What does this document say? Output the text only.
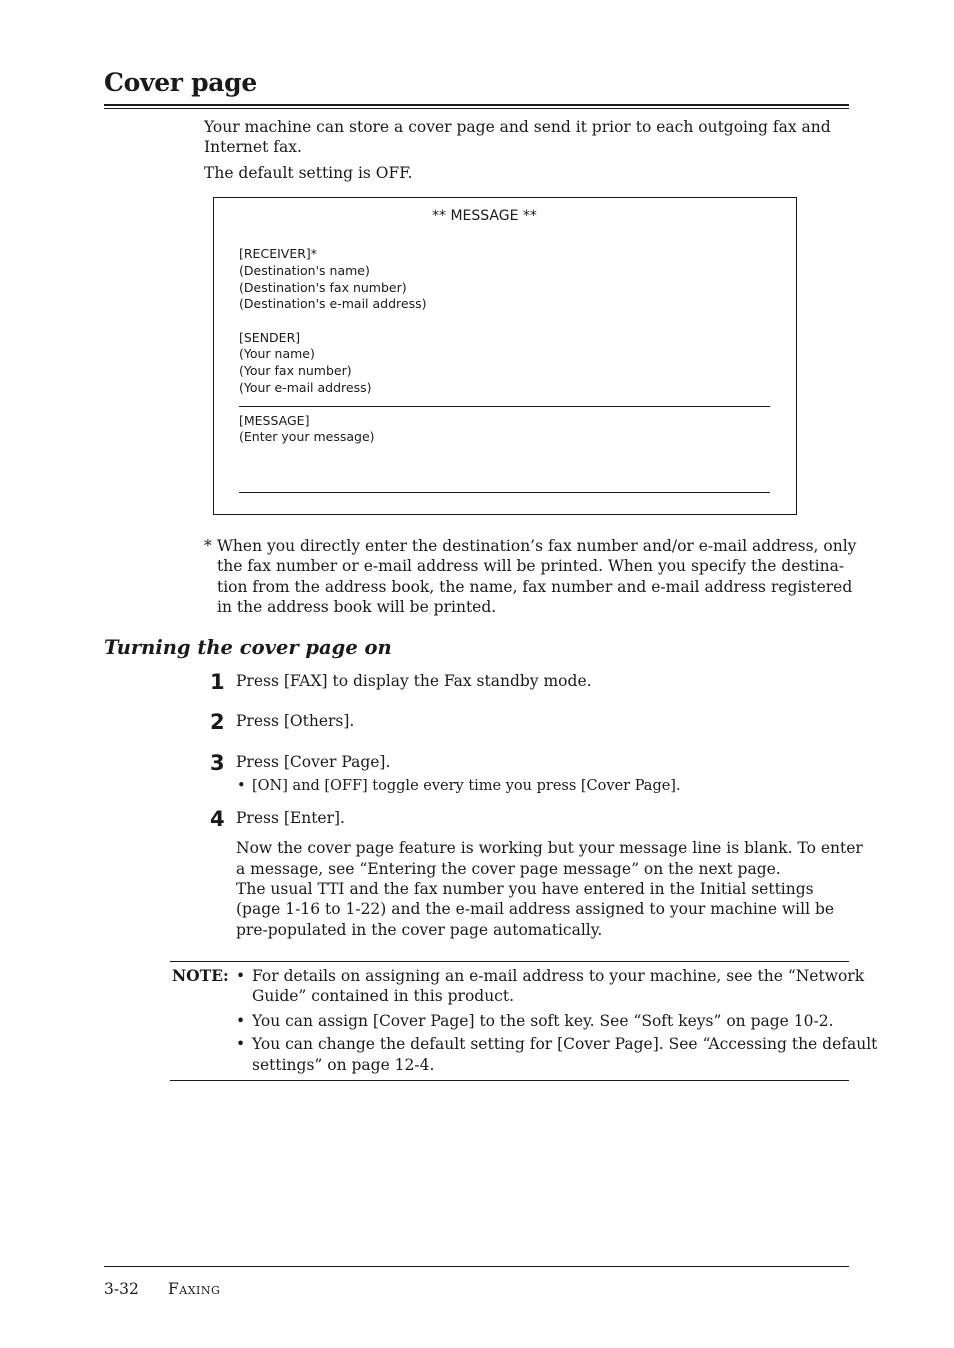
Cover page
Your machine can store a cover page and send it prior to each outgoing fax and
Internet fax.
The default setting is OFF.
** MESSAGE **
[RECEIVER]*
(Destination's name)
(Destination's fax number)
(Destination's e-mail address)
[SENDER]
(Your name)
(Your fax number)
(Your e-mail address)
[MESSAGE]
(Enter your message)
* When you directly enter the destination’s fax number and/or e-mail address, only
the fax number or e-mail address will be printed. When you specify the destina-
tion from the address book, the name, fax number and e-mail address registered
in the address book will be printed.
Turning the cover page on
1 Press [FAX] to display the Fax standby mode.
2 Press [Others].
3 Press [Cover Page].
• [ON] and [OFF] toggle every time you press [Cover Page].
4 Press [Enter].
Now the cover page feature is working but your message line is blank. To enter
a message, see “Entering the cover page message” on the next page.
The usual TTI and the fax number you have entered in the Initial settings
(page 1-16 to 1-22) and the e-mail address assigned to your machine will be
pre-populated in the cover page automatically.
NOTE: • For details on assigning an e-mail address to your machine, see the “Network
Guide” contained in this product.
• You can assign [Cover Page] to the soft key. See “Soft keys” on page 10-2.
• You can change the default setting for [Cover Page]. See “Accessing the default
settings” on page 12-4.
3-32 Faxing
